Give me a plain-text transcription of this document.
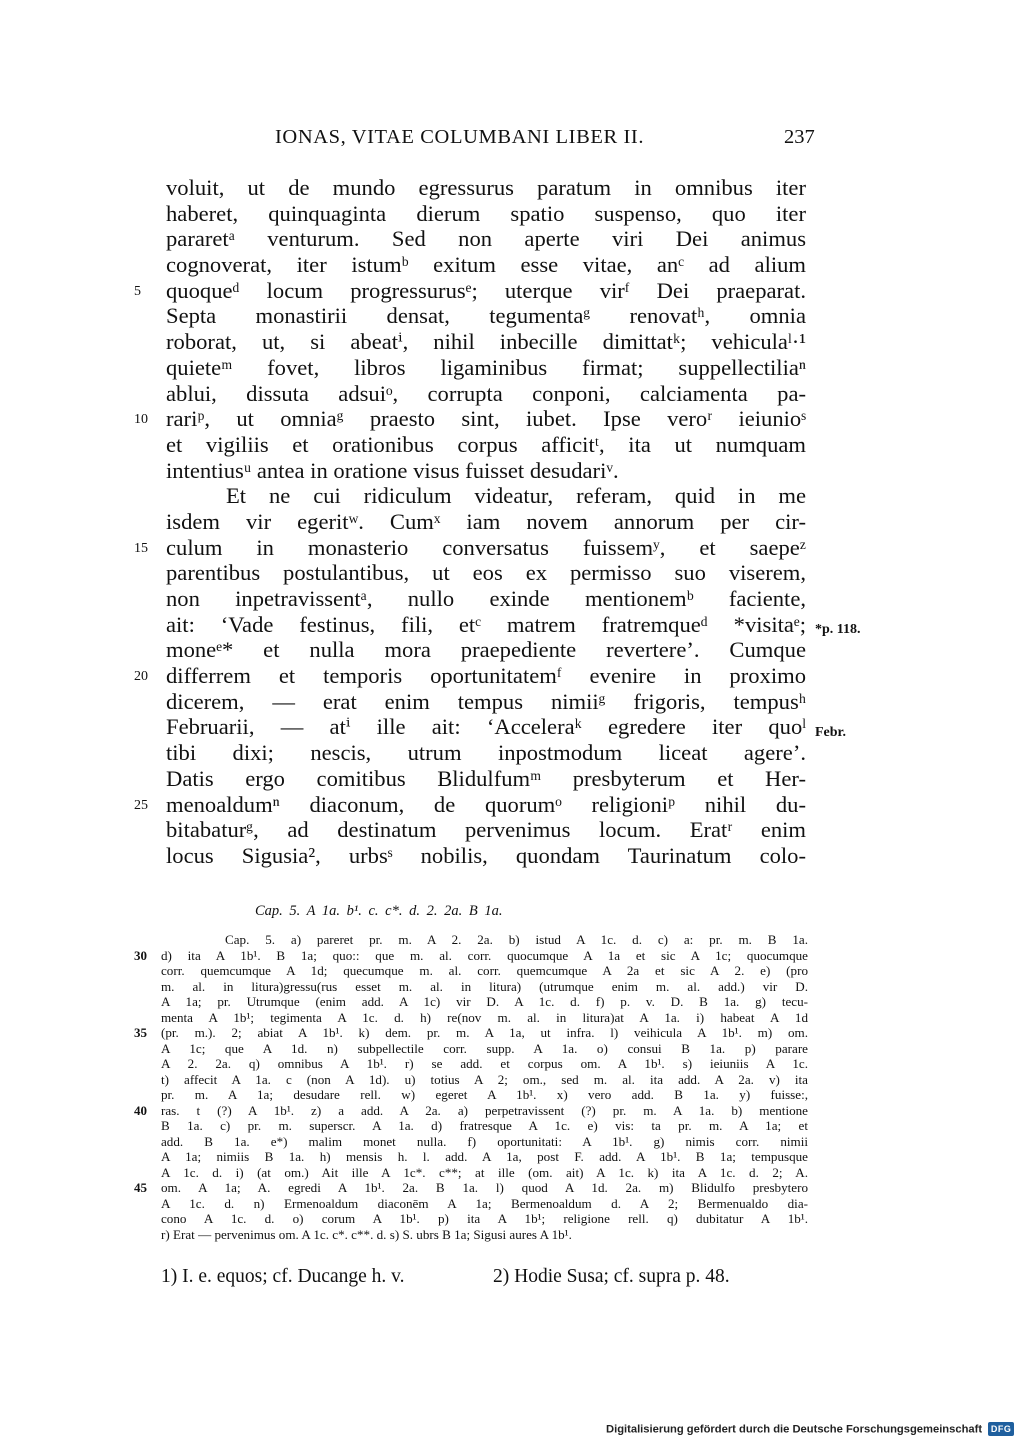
IONAS, VITAE COLUMBANI LIBER II.	237
voluit, ut de mundo egressurus paratum in omnibus iter
haberet, quinquaginta dierum spatio suspenso, quo iter
pararetᵃ venturum. Sed non aperte viri Dei animus
cognoverat, iter istumᵇ exitum esse vitae, anᶜ ad alium
quoqueᵈ locum progressurusᵉ; uterque virᶠ Dei praeparat.
5
Septa monastirii densat, tegumentaᵍ renovatʰ, omnia
roborat, ut, si abeatⁱ, nihil inbecille dimittatᵏ; vehiculaˡ·¹
quieteᵐ fovet, libros ligaminibus firmat; suppellectiliaⁿ
ablui, dissuta adsuiᵒ, corrupta conponi, calciamenta pa-
rariᵖ, ut omniaᵍ praesto sint, iubet. Ipse veroʳ ieiunioˢ
10
et vigiliis et orationibus corpus afficitᵗ, ita ut numquam
intentiusᵘ antea in oratione visus fuisset desudariᵛ.
Et ne cui ridiculum videatur, referam, quid in me
isdem vir egeritʷ. Cumˣ iam novem annorum per cir-
culum in monasterio conversatus fuissemʸ, et saepeᶻ
15
parentibus postulantibus, ut eos ex permisso suo viserem,
non inpetravissentᵃ, nullo exinde mentionemᵇ faciente,
ait: ‘Vade festinus, fili, etᶜ matrem fratremqueᵈ *visitaᵉ;
moneᵉ* et nulla mora praepediente revertere’. Cumque
differrem et temporis oportunitatemᶠ evenire in proximo
20
dicerem, — erat enim tempus nimiiᵍ frigoris, tempusʰ
Februarii, — atⁱ ille ait: ‘Acceleraᵏ egredere iter quoˡ
tibi dixi; nescis, utrum inpostmodum liceat agere’.
Datis ergo comitibus Blidulfumᵐ presbyterum et Her-
menoaldumⁿ diaconum, de quorumᵒ religioniᵖ nihil du-
25
bitabaturᵍ, ad destinatum pervenimus locum. Eratʳ enim
locus Sigusia², urbsˢ nobilis, quondam Taurinatum colo-
*p. 118.
Febr.
Cap. 5. A 1a. b¹. c. c*. d. 2. 2a. B 1a.
Cap. 5. a) pareret pr. m. A 2. 2a. b) istud A 1c. d. c) a: pr. m. B 1a.
d) ita A 1b¹. B 1a; quo:: que m. al. corr. quocumque A 1a et sic A 1c; quocumque
30
corr. quemcumque A 1d; quecumque m. al. corr. quemcumque A 2a et sic A 2. e) (pro
m. al. in litura)gressu(rus esset m. al. in litura) (utrumque enim m. al. add.) vir D.
A 1a; pr. Utrumque (enim add. A 1c) vir D. A 1c. d. f) p. v. D. B 1a. g) tecu-
menta A 1b¹; tegimenta A 1c. d. h) re(nov m. al. in litura)at A 1a. i) habeat A 1d
(pr. m.). 2; abiat A 1b¹. k) dem. pr. m. A 1a, ut infra. l) veihicula A 1b¹. m) om.
35
A 1c; que A 1d. n) subpellectile corr. supp. A 1a. o) consui B 1a. p) parare
A 2. 2a. q) omnibus A 1b¹. r) se add. et corpus om. A 1b¹. s) ieiuniis A 1c.
t) affecit A 1a. c (non A 1d). u) totius A 2; om., sed m. al. ita add. A 2a. v) ita
pr. m. A 1a; desudare rell. w) egeret A 1b¹. x) vero add. B 1a. y) fuisse:,
ras. t (?) A 1b¹. z) a add. A 2a. a) perpetravissent (?) pr. m. A 1a. b) mentione
40
B 1a. c) pr. m. superscr. A 1a. d) fratresque A 1c. e) vis: ta pr. m. A 1a; et
add. B 1a. e*) malim monet nulla. f) oportunitati: A 1b¹. g) nimis corr. nimii
A 1a; nimiis B 1a. h) mensis h. l. add. A 1a, post F. add. A 1b¹. B 1a; tempusque
A 1c. d. i) (at om.) Ait ille A 1c*. c**; at ille (om. ait) A 1c. k) ita A 1c. d. 2; A.
om. A 1a; A. egredi A 1b¹. 2a. B 1a. l) quod A 1d. 2a. m) Blidulfo presbytero
45
A 1c. d. n) Ermenoaldum diaconēm A 1a; Bermenoaldum d. A 2; Bermenualdo dia-
cono A 1c. d. o) corum A 1b¹. p) ita A 1b¹; religione rell. q) dubitatur A 1b¹.
r) Erat — pervenimus om. A 1c. c*. c**. d. s) S. ubrs B 1a; Sigusi aures A 1b¹.
1) I. e. equos; cf. Ducange h. v.	2) Hodie Susa; cf. supra p. 48.
Digitalisierung gefördert durch die Deutsche Forschungsgemeinschaft DFG
